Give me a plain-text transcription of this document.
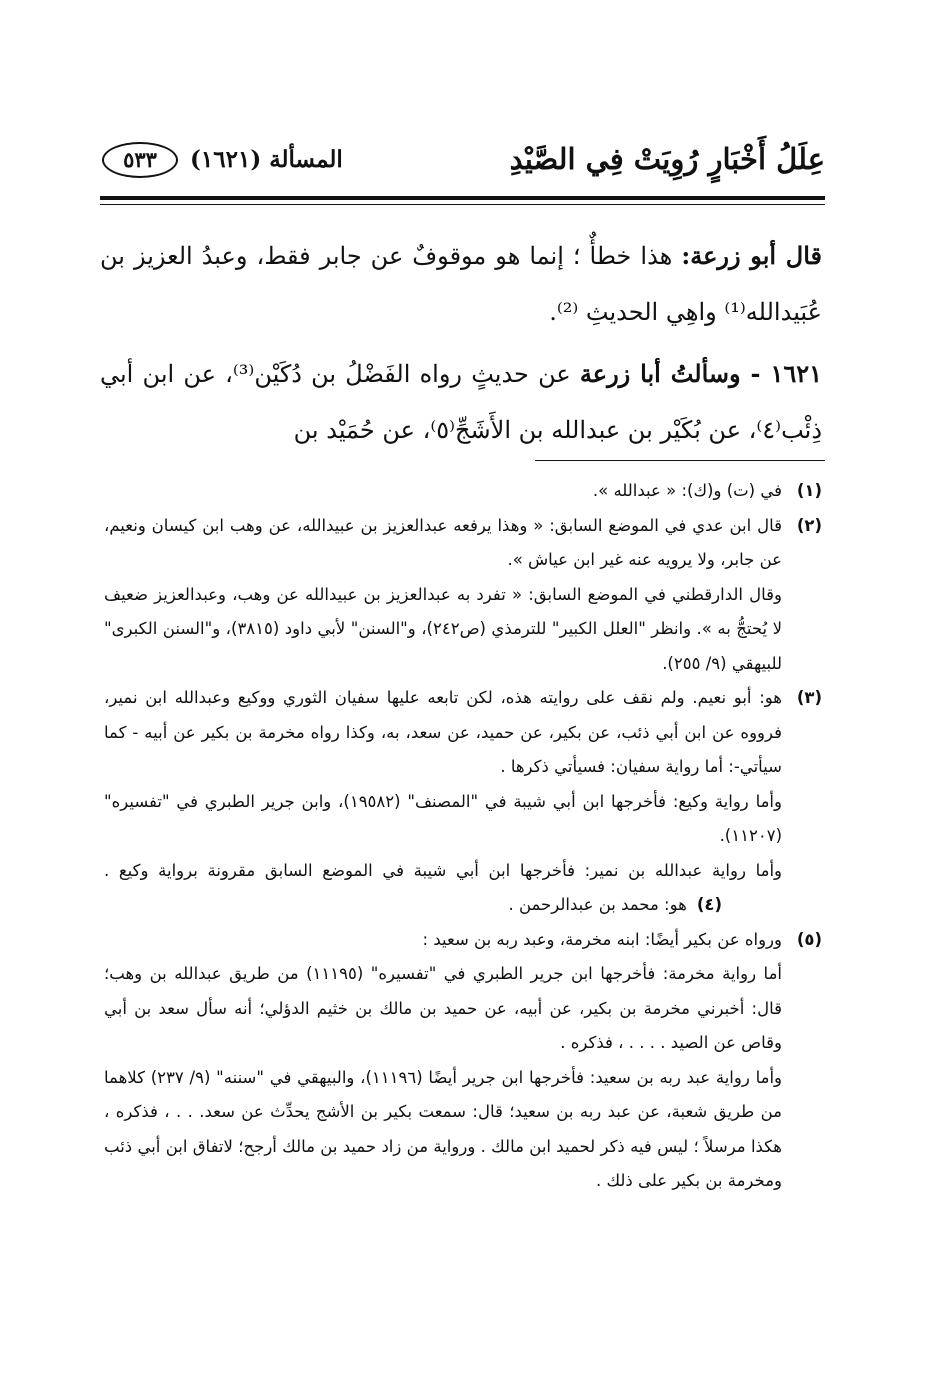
عِلَلُ أَخْبَارٍ رُوِيَتْ فِي الصَّيْدِ
المسألة (١٦٢١)
٥٣٣

قال أبو زرعة: هذا خطأٌ ؛ إنما هو موقوفٌ عن جابر فقط، وعبدُ العزيز بن عُبَيدالله⁽¹⁾ واهِي الحديثِ ⁽²⁾.

١٦٢١ - وسألتُ أبا زرعة عن حديثٍ رواه الفَضْلُ بن دُكَيْن⁽³⁾، عن ابن أبي ذِئْب⁽٤⁾، عن بُكَيْر بن عبدالله بن الأَشَجِّ⁽٥⁾، عن حُمَيْد بن

(١)
في (ت) و(ك): « عبدالله ».
(٢)
قال ابن عدي في الموضع السابق: « وهذا يرفعه عبدالعزيز بن عبيدالله، عن وهب ابن كيسان ونعيم، عن جابر، ولا يرويه عنه غير ابن عياش ».
وقال الدارقطني في الموضع السابق: « تفرد به عبدالعزيز بن عبيدالله عن وهب، وعبدالعزيز ضعيف لا يُحتجُّ به ». وانظر "العلل الكبير" للترمذي (ص٢٤٢)، و"السنن" لأبي داود (٣٨١٥)، و"السنن الكبرى" للبيهقي (٩/ ٢٥٥).
(٣)
هو: أبو نعيم. ولم نقف على روايته هذه، لكن تابعه عليها سفيان الثوري ووكيع وعبدالله ابن نمير، فرووه عن ابن أبي ذئب، عن بكير، عن حميد، عن سعد، به، وكذا رواه مخرمة بن بكير عن أبيه - كما سيأتي-: أما رواية سفيان: فسيأتي ذكرها .
وأما رواية وكيع: فأخرجها ابن أبي شيبة في "المصنف" (١٩٥٨٢)، وابن جرير الطبري في "تفسيره"(١١٢٠٧).
وأما رواية عبدالله بن نمير: فأخرجها ابن أبي شيبة في الموضع السابق مقرونة برواية وكيع . (٤)هو: محمد بن عبدالرحمن .
(٥)
ورواه عن بكير أيضًا: ابنه مخرمة، وعبد ربه بن سعيد :
أما رواية مخرمة: فأخرجها ابن جرير الطبري في "تفسيره" (١١١٩٥) من طريق عبدالله بن وهب؛ قال: أخبرني مخرمة بن بكير، عن أبيه، عن حميد بن مالك بن خثيم الدؤلي؛ أنه سأل سعد بن أبي وقاص عن الصيد . . . . ، فذكره .
وأما رواية عبد ربه بن سعيد: فأخرجها ابن جرير أيضًا (١١١٩٦)، والبيهقي في "سننه" (٩/ ٢٣٧) كلاهما من طريق شعبة، عن عبد ربه بن سعيد؛ قال: سمعت بكير بن الأشج يحدِّث عن سعد. . . ، فذكره ، هكذا مرسلاً ؛ ليس فيه ذكر لحميد ابن مالك . ورواية من زاد حميد بن مالك أرجح؛ لاتفاق ابن أبي ذئب ومخرمة بن بكير على ذلك .
